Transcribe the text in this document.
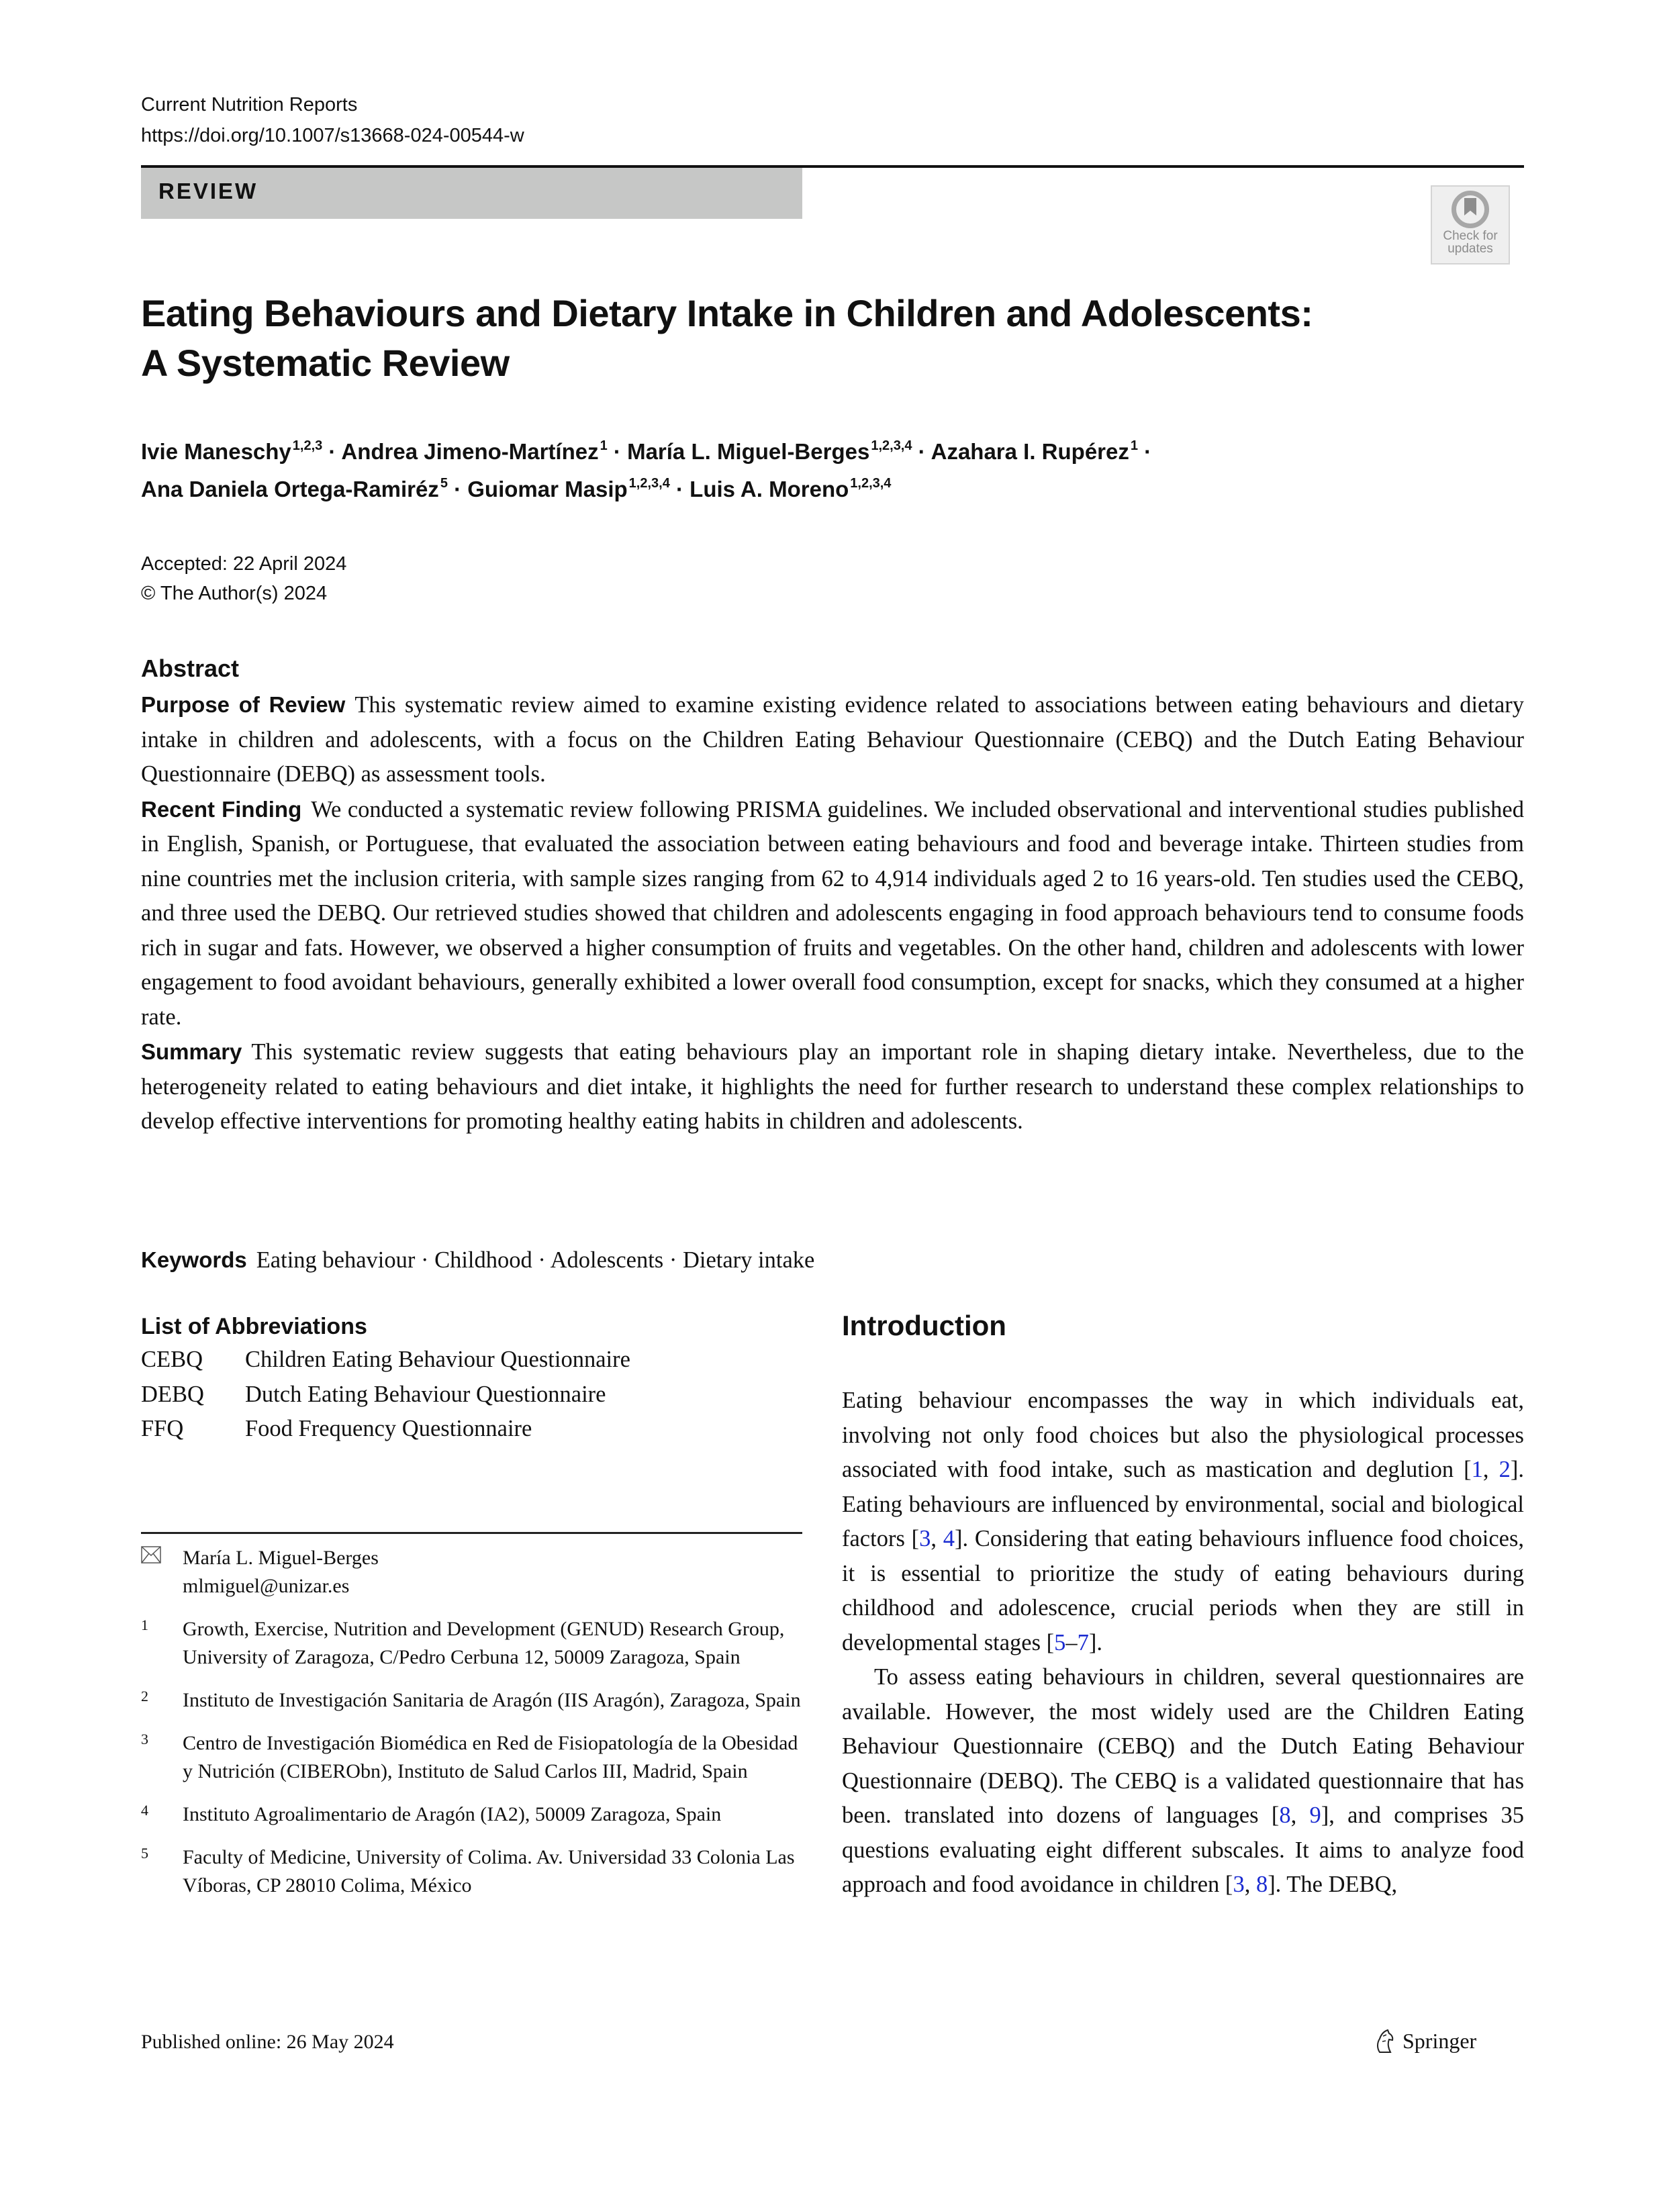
Current Nutrition Reports
https://doi.org/10.1007/s13668-024-00544-w
REVIEW
Check for
updates
Eating Behaviours and Dietary Intake in Children and Adolescents:
A Systematic Review
Ivie Maneschy $^{1,2,3}$ · Andrea Jimeno-Martínez $^1$ · María L. Miguel-Berges $^{1,2,3,4}$ · Azahara I. Rupérez $^1$ ·
Ana Daniela Ortega-Ramiréz $^5$ · Guiomar Masip $^{1,2,3,4}$ · Luis A. Moreno $^{1,2,3,4}$
Accepted: 22 April 2024
© The Author(s) 2024
Abstract

Purpose of Review This systematic review aimed to examine existing evidence related to associations between eating behaviours and dietary intake in children and adolescents, with a focus on the Children Eating Behaviour Questionnaire (CEBQ) and the Dutch Eating Behaviour Questionnaire (DEBQ) as assessment tools.

Recent Finding We conducted a systematic review following PRISMA guidelines. We included observational and interventional studies published in English, Spanish, or Portuguese, that evaluated the association between eating behaviours and food and beverage intake. Thirteen studies from nine countries met the inclusion criteria, with sample sizes ranging from 62 to 4,914 individuals aged 2 to 16 years-old. Ten studies used the CEBQ, and three used the DEBQ. Our retrieved studies showed that children and adolescents engaging in food approach behaviours tend to consume foods rich in sugar and fats. However, we observed a higher consumption of fruits and vegetables. On the other hand, children and adolescents with lower engagement to food avoidant behaviours, generally exhibited a lower overall food consumption, except for snacks, which they consumed at a higher rate.

Summary This systematic review suggests that eating behaviours play an important role in shaping dietary intake. Nevertheless, due to the heterogeneity related to eating behaviours and diet intake, it highlights the need for further research to understand these complex relationships to develop effective interventions for promoting healthy eating habits in children and adolescents.

Keywords Eating behaviour · Childhood · Adolescents · Dietary intake
List of Abbreviations
CEBQ	Children Eating Behaviour Questionnaire
DEBQ	Dutch Eating Behaviour Questionnaire
FFQ	Food Frequency Questionnaire
María L. Miguel-Berges
mlmiguel@unizar.es
1	Growth, Exercise, Nutrition and Development (GENUD) Research Group, University of Zaragoza, C/Pedro Cerbuna 12, 50009 Zaragoza, Spain
2	Instituto de Investigación Sanitaria de Aragón (IIS Aragón), Zaragoza, Spain
3	Centro de Investigación Biomédica en Red de Fisiopatología de la Obesidad y Nutrición (CIBERObn), Instituto de Salud Carlos III, Madrid, Spain
4	Instituto Agroalimentario de Aragón (IA2), 50009 Zaragoza, Spain
5	Faculty of Medicine, University of Colima. Av. Universidad 33 Colonia Las Víboras, CP 28010 Colima, México
Introduction

Eating behaviour encompasses the way in which individuals eat, involving not only food choices but also the physiological processes associated with food intake, such as mastication and deglution [1, 2]. Eating behaviours are influenced by environmental, social and biological factors [3, 4]. Considering that eating behaviours influence food choices, it is essential to prioritize the study of eating behaviours during childhood and adolescence, crucial periods when they are still in developmental stages [5–7].

To assess eating behaviours in children, several questionnaires are available. However, the most widely used are the Children Eating Behaviour Questionnaire (CEBQ) and the Dutch Eating Behaviour Questionnaire (DEBQ). The CEBQ is a validated questionnaire that has been. translated into dozens of languages [8, 9], and comprises 35 questions evaluating eight different subscales. It aims to analyze food approach and food avoidance in children [3, 8]. The DEBQ,

Published online: 26 May 2024	Springer
